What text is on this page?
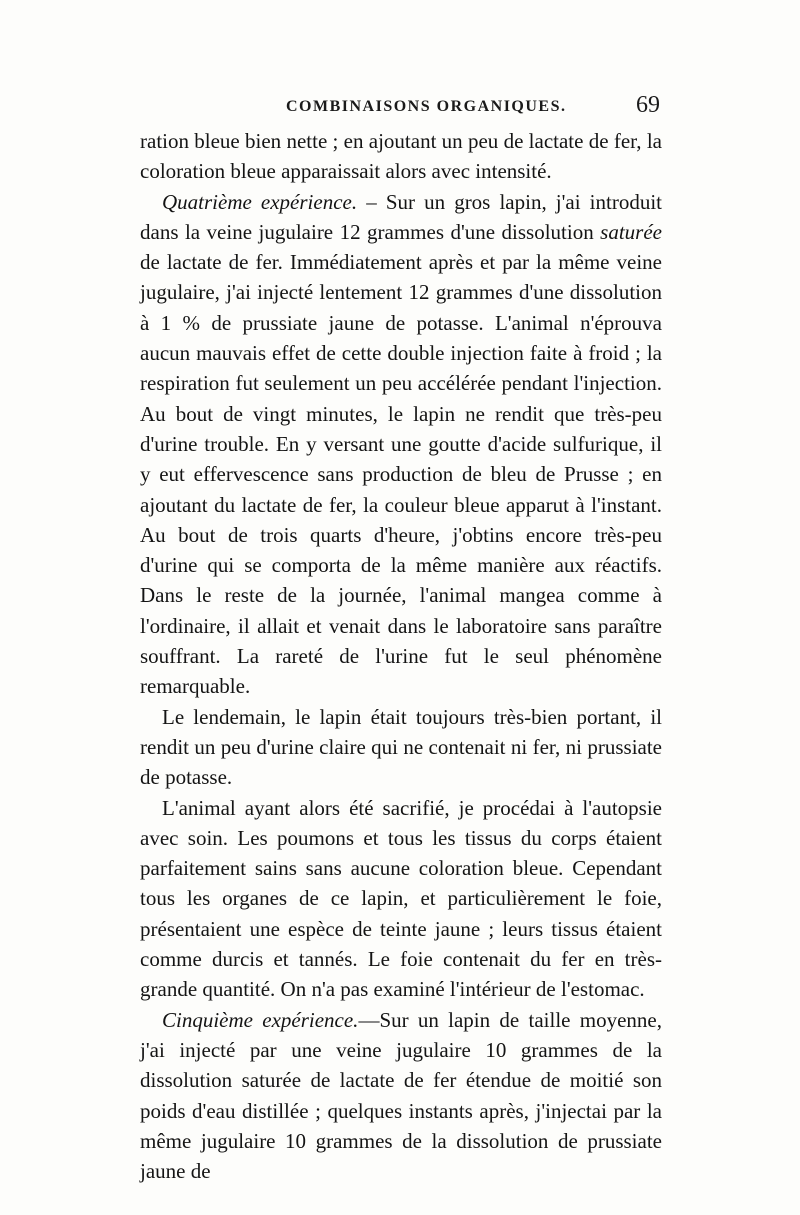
COMBINAISONS ORGANIQUES.	69

ration bleue bien nette ; en ajoutant un peu de lactate de fer, la coloration bleue apparaissait alors avec intensité.

Quatrième expérience. – Sur un gros lapin, j'ai introduit dans la veine jugulaire 12 grammes d'une dissolution saturée de lactate de fer. Immédiatement après et par la même veine jugulaire, j'ai injecté lentement 12 grammes d'une dissolution à 1 % de prussiate jaune de potasse. L'animal n'éprouva aucun mauvais effet de cette double injection faite à froid ; la respiration fut seulement un peu accélérée pendant l'injection. Au bout de vingt minutes, le lapin ne rendit que très-peu d'urine trouble. En y versant une goutte d'acide sulfurique, il y eut effervescence sans production de bleu de Prusse ; en ajoutant du lactate de fer, la couleur bleue apparut à l'instant. Au bout de trois quarts d'heure, j'obtins encore très-peu d'urine qui se comporta de la même manière aux réactifs. Dans le reste de la journée, l'animal mangea comme à l'ordinaire, il allait et venait dans le laboratoire sans paraître souffrant. La rareté de l'urine fut le seul phénomène remarquable.

Le lendemain, le lapin était toujours très-bien portant, il rendit un peu d'urine claire qui ne contenait ni fer, ni prussiate de potasse.

L'animal ayant alors été sacrifié, je procédai à l'autopsie avec soin. Les poumons et tous les tissus du corps étaient parfaitement sains sans aucune coloration bleue. Cependant tous les organes de ce lapin, et particulièrement le foie, présentaient une espèce de teinte jaune ; leurs tissus étaient comme durcis et tannés. Le foie contenait du fer en très-grande quantité. On n'a pas examiné l'intérieur de l'estomac.

Cinquième expérience.—Sur un lapin de taille moyenne, j'ai injecté par une veine jugulaire 10 grammes de la dissolution saturée de lactate de fer étendue de moitié son poids d'eau distillée ; quelques instants après, j'injectai par la même jugulaire 10 grammes de la dissolution de prussiate jaune de
